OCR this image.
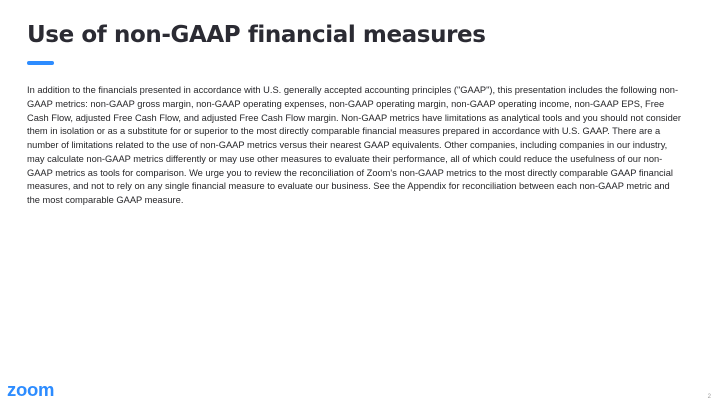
Use of non-GAAP financial measures

In addition to the financials presented in accordance with U.S. generally accepted accounting principles ("GAAP"), this presentation includes the following non-GAAP metrics: non-GAAP gross margin, non-GAAP operating expenses, non-GAAP operating margin, non-GAAP operating income, non-GAAP EPS, Free Cash Flow, adjusted Free Cash Flow, and adjusted Free Cash Flow margin. Non-GAAP metrics have limitations as analytical tools and you should not consider them in isolation or as a substitute for or superior to the most directly comparable financial measures prepared in accordance with U.S. GAAP. There are a number of limitations related to the use of non-GAAP metrics versus their nearest GAAP equivalents. Other companies, including companies in our industry, may calculate non-GAAP metrics differently or may use other measures to evaluate their performance, all of which could reduce the usefulness of our non-GAAP metrics as tools for comparison. We urge you to review the reconciliation of Zoom's non-GAAP metrics to the most directly comparable GAAP financial measures, and not to rely on any single financial measure to evaluate our business. See the Appendix for reconciliation between each non-GAAP metric and the most comparable GAAP measure.

zoom	2
